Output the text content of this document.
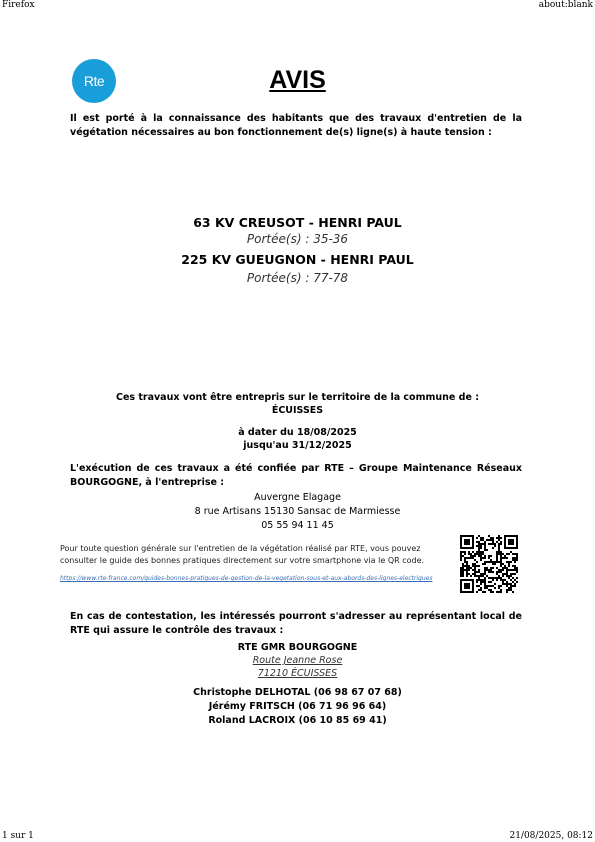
Firefox	about:blank
1 sur 1	21/08/2025, 08:12
Rte	AVIS
Il est porté à la connaissance des habitants que des travaux d'entretien de la végétation nécessaires au bon fonctionnement de(s) ligne(s) à haute tension :
63 KV CREUSOT - HENRI PAUL
Portée(s) : 35-36
225 KV GUEUGNON - HENRI PAUL
Portée(s) : 77-78
Ces travaux vont être entrepris sur le territoire de la commune de :
ÉCUISSES
à dater du 18/08/2025
jusqu'au 31/12/2025
L'exécution de ces travaux a été confiée par RTE – Groupe Maintenance Réseaux BOURGOGNE, à l'entreprise :
Auvergne Elagage
8 rue Artisans 15130 Sansac de Marmiesse
05 55 94 11 45
Pour toute question générale sur l'entretien de la végétation réalisé par RTE, vous pouvez consulter le guide des bonnes pratiques directement sur votre smartphone via le QR code.
https://www.rte-france.com/guides-bonnes-pratiques-de-gestion-de-la-vegetation-sous-et-aux-abords-des-lignes-electriques
En cas de contestation, les intéressés pourront s'adresser au représentant local de RTE qui assure le contrôle des travaux :
RTE GMR BOURGOGNE
Route Jeanne Rose
71210 ÉCUISSES
Christophe DELHOTAL (06 98 67 07 68)
Jérémy FRITSCH (06 71 96 96 64)
Roland LACROIX (06 10 85 69 41)
